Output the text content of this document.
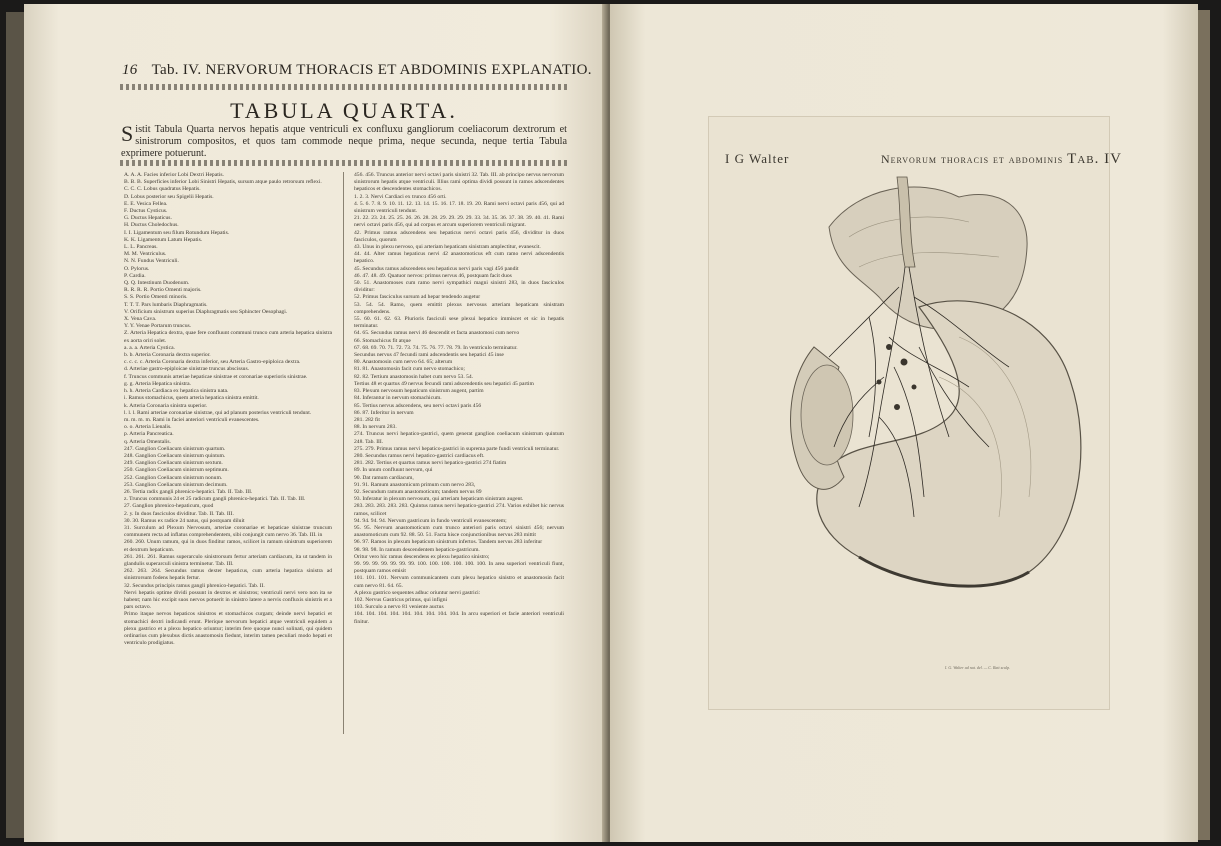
16 Tab. IV. NERVORUM THORACIS ET ABDOMINIS EXPLANATIO.
TABULA QUARTA.
Sistit Tabula Quarta nervos hepatis atque ventriculi ex confluxu gangliorum coeliacorum dextrorum et sinistrorum compositos, et quos tam commode neque prima, neque secunda, neque tertia Tabula exprimere potuerunt.

A. A. A. Facies inferior Lobi Dextri Hepatis.

B. B. B. Superficies inferior Lobi Sinistri Hepatis, sursum atque paulo retrorsum reflexi.

C. C. C. Lobus quadratus Hepatis.

D. Lobus posterior seu Spigelii Hepatis.

E. E. Vesica Fellea.

F. Ductus Cysticus.

G. Ductus Hepaticus.

H. Ductus Choledochus.

I. I. Ligamentum seu filum Rotundum Hepatis.

K. K. Ligamentum Latum Hepatis.

L. L. Pancreas.

M. M. Ventriculus.

N. N. Fundus Ventriculi.

O. Pylorus.

P. Cardia.

Q. Q. Intestinum Duodenum.

R. R. R. R. Portio Omenti majoris.

S. S. Portio Omenti minoris.

T. T. T. Pars lumbaris Diaphragmatis.

V. Orificium sinistrum superius Diaphragmatis seu Sphincter Oesophagi.

X. Vena Cava.

Y. Y. Venae Portarum truncus.

Z. Arteria Hepatica dextra, quae fere confluunt communi trunco cum arteria hepatica sinistra ex aorta oriri solet.

a. a. a. Arteria Cystica.

b. b. Arteria Coronaria dextra superior.

c. c. c. c. Arteria Coronaria dextra inferior, seu Arteria Gastro-epiploica dextra.

d. Arteriae gastro-epiploicae sinistrae truncus abscissus.

f. Truncus communis arteriae hepaticae sinistrae et coronariae superioris sinistrae.

g. g. Arteria Hepatica sinistra.

h. h. Arteria Cardiaca ex hepatica sinistra nata.

i. Ramus stomachicus, quem arteria hepatica sinistra emittit.

k. Arteria Coronaria sinistra superior.

l. l. l. Rami arteriae coronariae sinistrae, qui ad planum posterius ventriculi tendunt.

m. m. m. m. Rami in faciei anteriori ventriculi evanescentes.

o. o. Arteria Lienalis.

p. Arteria Pancreatica.

q. Arteria Omentalis.

247. Ganglion Coeliacum sinistrum quartum.

248. Ganglion Coeliacum sinistrum quintum.

249. Ganglion Coeliacum sinistrum sextum.

250. Ganglion Coeliacum sinistrum septimum.

252. Ganglion Coeliacum sinistrum nonum.

253. Ganglion Coeliacum sinistrum decimum.

26. Tertia radix gangli phrenico-hepatici. Tab. II. Tab. III.

z. Truncus communis 24 et 25 radicum gangli phrenico-hepatici. Tab. II. Tab. III.

27. Ganglion phrenico-hepaticum, quod

2. y. In duos fasciculos dividitur. Tab. II. Tab. III.

30. 30. Ramus ex radice 24 natus, qui postquam diluit

31. Surculum ad Plexum Nervosum, arteriae coronariae et hepaticae sinistrae truncum communem recta ad inflatus comprehendentem, sibi conjungit cum nervo 36. Tab. III. in

260. 260. Unum ramum, qui in duos finditur ramos, scilicet in ramum sinistrum superiorem et dextrum hepaticum.

261. 261. 261. Ramus superarculo sinistrorsum fertur arteriam cardiacum, ita ut tandem in glandulis superarculi sinistra terminetur. Tab. III.

262. 263. 264. Secundus ramus dexter hepaticus, cum arteria hepatica sinistra ad sinistrorsum fodens hepatis fertur.

32. Secundus principis ramus gangli phrenico-hepatici. Tab. II.

Nervi hepatis optime dividi possunt in dextros et sinistros; ventriculi nervi vero non ita se habent; nam hic excipit suos nervos potuerit in sinistro latere a nervis confluxis sinistris et a pars octavo.

Primo itaque nervos hepaticos sinistros et stomachicos curgam; deinde nervi hepatici et stomachici dextri indicandi erunt. Plerique nervorum hepatici atque ventriculi equidem a plexu gastrico et a plexu hepatico oriuntur; interim fere quoque nunci solinati, qui quidem ordinarius cum plexubus dictis anastomosin fiedunt, interim tamen peculiari modo hepati et ventriculo prodigiatus.

456. 456. Truncus anterior nervi octavi paris sinistri 32. Tab. III. ab principo nervus nervorum sinistrorum hepatis atque ventriculi. Illius rami optima dividi possunt in ramos adscendentes hepaticos et descendentes stomachicos.

1. 2. 3. Nervi Cardiaci ex trunco 456 orti.

4. 5. 6. 7. 8. 9. 10. 11. 12. 13. 14. 15. 16. 17. 18. 19. 20. Rami nervi octavi paris 456, qui ad sinistrum ventriculi tendunt.

21. 22. 23. 24. 25. 25. 26. 26. 28. 28. 29. 29. 29. 29. 33. 34. 35. 36. 37. 38. 39. 40. 41. Rami nervi octavi paris 456, qui ad corpus et arcum superiorem ventriculi migrant.

42. Primus ramus adscendens seu hepaticus nervi octavi paris 456, dividitur in duos fasciculos, quorum

43. Unus in plexu nervoso, qui arteriam hepaticam sinistram amplectitur, evanescit.

44. 44. Alter ramus hepaticus nervi 42 anastomoticus eft cum ramo nervi adscendentis hepatico.

45. Secundus ramus adscendens seu hepaticus nervi paris vagi 456 pandit

46. 47. 48. 49. Quatuor nervos: primus nervus 46, postquam facit duos

50. 51. Anastomoses cum ramo nervi sympathici magni sinistri 283, in duos fasciculos dividitur:

52. Primus fasciculus sursum ad hepar tendendo augetur

53. 54. 54. Ramo, quem emittit plexus nervosus arteriam hepaticam sinistram comprehendens.

55. 60. 61. 62. 63. Plurioris fasciculi sese plexui hepatico immiscet et sic in hepatis terminatur.

64. 65. Secundus ramus nervi 46 descendit et facta anastomosi cum nervo

66. Stomachicus fit atque

67. 68. 69. 70. 71. 72. 73. 74. 75. 76. 77. 78. 79. In ventriculo terminatur.

Secundus nervus 47 fecundi rami adscendentis seu hepatici 45 inse

80. Anastomosin cum nervo 64. 65; alterum

81. 81. Anastomosin facit cum nervo stomachico;

82. 82. Tertium anastomosin habet cum nervo 53. 54.

Tertius 48 et quartus 49 nervus fecundi rami adscendentis seu hepatici 45 partim

83. Plexum nervosum hepaticum sinistrum augent, partim

84. Inferantur in nervum stomachicum.

85. Tertius nervus adscendens, seu nervi octavi paris 456

86. 87. Inferitur in nervum

281. 282 fit

88. In nervum 283.

274. Truncus nervi hepatico-gastrici, quem generat ganglion coeliacum sinistrum quintum 248. Tab. III.

275. 279. Primus ramus nervi hepatico-gastrici in suprema parte fundi ventriculi terminatur.

280. Secundus ramus nervi hepatico-gastrici cardiacus eft.

281. 282. Tertius et quartus ramus nervi hepatico-gastrici 274 fiatim

89. In unum confluunt nervum, qui

90. Dat ramum cardiacum,

91. 91. Ramum anastomicum primum cum nervo 283,

92. Secundum ramum anastomoticum; tandem nervus 89

93. Inferatur in plexum nervosum, qui arteriam hepaticam sinistram augent.

283. 283. 283. 283. 283. Quintus ramus nervi hepatico-gastrici 274. Varios exhibet hic nervus ramos, scilicet

94. 94. 94. 94. Nervum gastricum in fundo ventriculi evanescentem;

95. 95. Nervum anastomoticum cum trunco anteriori paris octavi sinistri 456; nervum anastomoticum cum 92. 88. 50. 51. Facta hisce conjunctionibus nervus 283 mittit

96. 97. Ramos in plexum hepaticum sinistrum infertos. Tandem nervus 283 inferitur

98. 98. 98. In ramum descendentem hepatico-gastricum.

Oritur vero hic ramus descendens ex plexu hepatico sinistro;

99. 99. 99. 99. 99. 99. 99. 100. 100. 100. 100. 100. 100. In area superiori ventriculi fiunt, postquam ramos emisit

101. 101. 101. Nervum communicantem cum plexu hepatico sinistro et anastomosin facit cum nervo 81. 64. 65.

A plexu gastrico sequentes adhuc oriuntur nervi gastrici:

102. Nervus Gastricus primus, qui infigni

103. Surculo a nervo 81 veniente auctus

104. 104. 104. 104. 104. 104. 104. 104. 104. In arcu superiori et facie anteriori ventriculi finitur.

I G Walter	Nervorum thoracis et abdominis Tab. IV
I. G. Walter ad nat. del. — C. Ratt sculp.
